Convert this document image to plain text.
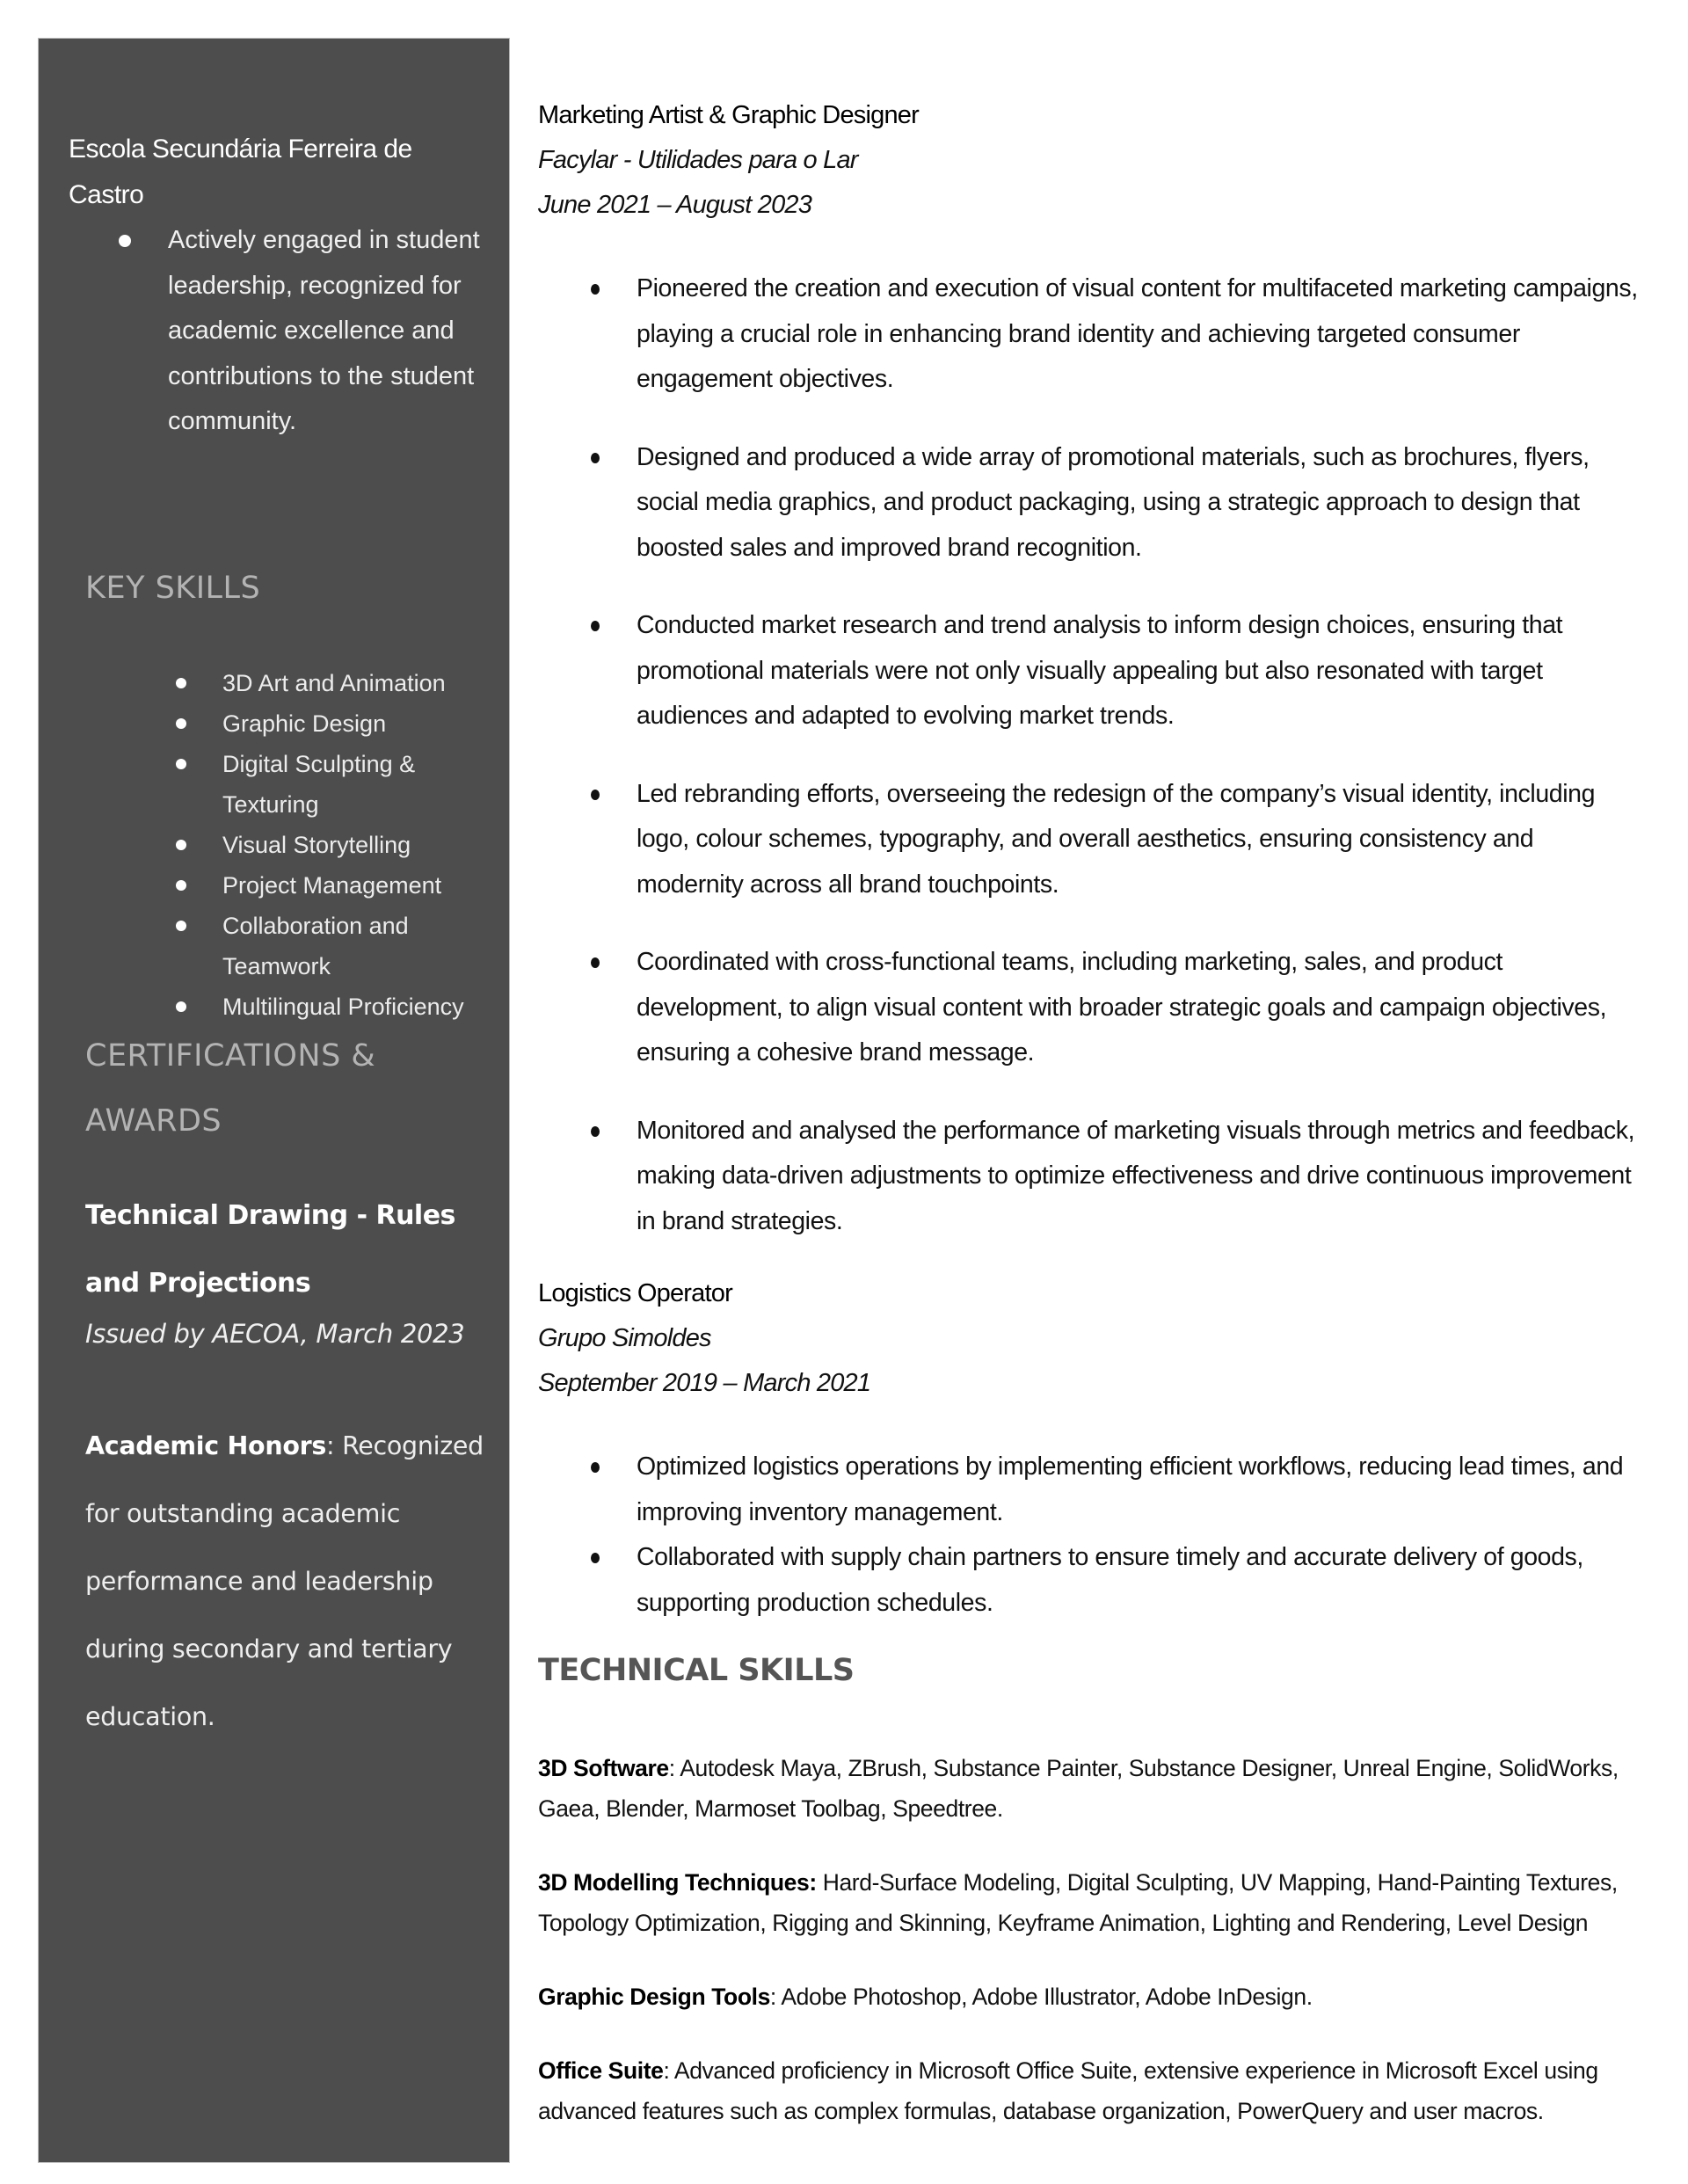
Escola Secundária Ferreira de Castro
Actively engaged in student leadership, recognized for academic excellence and contributions to the student community.
KEY SKILLS
3D Art and Animation
Graphic Design
Digital Sculpting & Texturing
Visual Storytelling
Project Management
Collaboration and Teamwork
Multilingual Proficiency
CERTIFICATIONS & AWARDS
Technical Drawing - Rules and Projections
Issued by AECOA, March 2023

Academic Honors: Recognized for outstanding academic performance and leadership during secondary and tertiary education.

Marketing Artist & Graphic Designer
Facylar - Utilidades para o Lar
June 2021 – August 2023
Pioneered the creation and execution of visual content for multifaceted marketing campaigns, playing a crucial role in enhancing brand identity and achieving targeted consumer engagement objectives.
Designed and produced a wide array of promotional materials, such as brochures, flyers, social media graphics, and product packaging, using a strategic approach to design that boosted sales and improved brand recognition.
Conducted market research and trend analysis to inform design choices, ensuring that promotional materials were not only visually appealing but also resonated with target audiences and adapted to evolving market trends.
Led rebranding efforts, overseeing the redesign of the company’s visual identity, including logo, colour schemes, typography, and overall aesthetics, ensuring consistency and modernity across all brand touchpoints.
Coordinated with cross-functional teams, including marketing, sales, and product development, to align visual content with broader strategic goals and campaign objectives, ensuring a cohesive brand message.
Monitored and analysed the performance of marketing visuals through metrics and feedback, making data-driven adjustments to optimize effectiveness and drive continuous improvement in brand strategies.
Logistics Operator
Grupo Simoldes
September 2019 – March 2021
Optimized logistics operations by implementing efficient workflows, reducing lead times, and improving inventory management.
Collaborated with supply chain partners to ensure timely and accurate delivery of goods, supporting production schedules.
TECHNICAL SKILLS

3D Software: Autodesk Maya, ZBrush, Substance Painter, Substance Designer, Unreal Engine, SolidWorks, Gaea, Blender, Marmoset Toolbag, Speedtree.

3D Modelling Techniques: Hard-Surface Modeling, Digital Sculpting, UV Mapping, Hand-Painting Textures, Topology Optimization, Rigging and Skinning, Keyframe Animation, Lighting and Rendering, Level Design

Graphic Design Tools: Adobe Photoshop, Adobe Illustrator, Adobe InDesign.

Office Suite: Advanced proficiency in Microsoft Office Suite, extensive experience in Microsoft Excel using advanced features such as complex formulas, database organization, PowerQuery and user macros.
